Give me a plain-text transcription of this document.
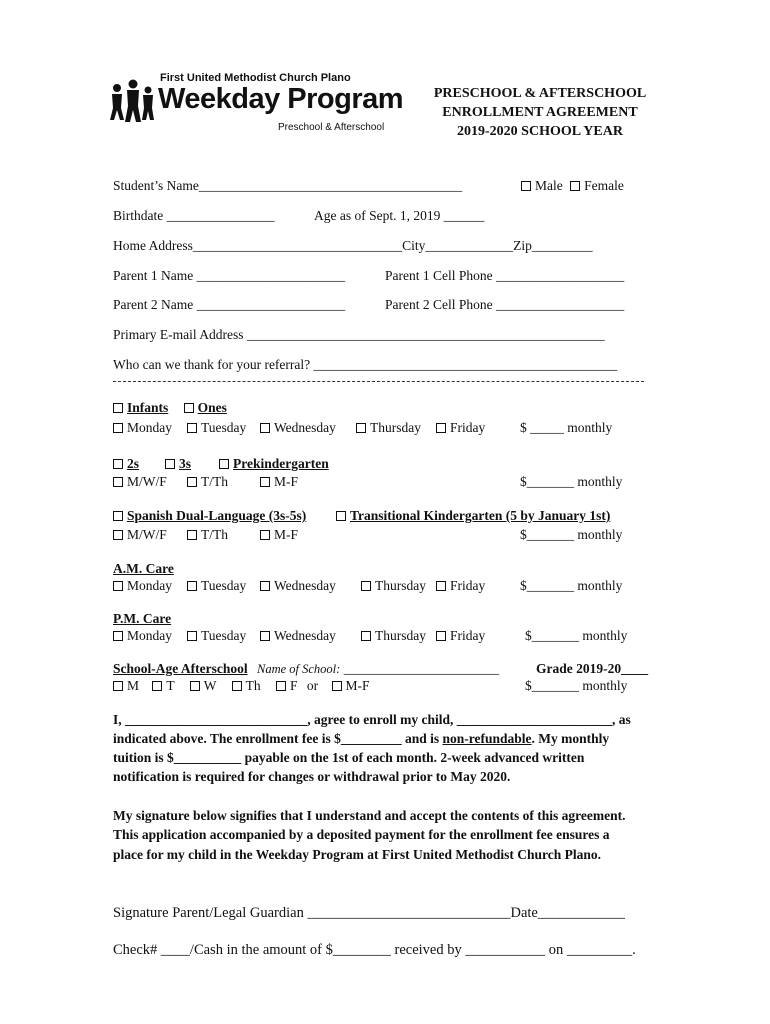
First United Methodist Church Plano
Weekday Program
Preschool & Afterschool
PRESCHOOL & AFTERSCHOOL
ENROLLMENT AGREEMENT
2019-2020 SCHOOL YEAR
Student’s Name_______________________________________	Male Female
Birthdate ________________	Age as of Sept. 1, 2019 ______
Home Address_______________________________City_____________Zip_________
Parent 1 Name ______________________	Parent 1 Cell Phone ___________________
Parent 2 Name ______________________	Parent 2 Cell Phone ___________________
Primary E-mail Address _____________________________________________________
Who can we thank for your referral? _____________________________________________
Infants Ones
Monday	Tuesday	Wednesday	Thursday	Friday	$ _____ monthly
2s	3s	Prekindergarten
M/W/F	T/Th	M-F	$_______ monthly
Spanish Dual-Language (3s-5s)	Transitional Kindergarten (5 by January 1st)
M/W/F	T/Th	M-F	$_______ monthly
A.M. Care
Monday	Tuesday	Wednesday	Thursday	Friday	$_______ monthly
P.M. Care
Monday	Tuesday	Wednesday	Thursday	Friday	$_______ monthly
School-Age Afterschool Name of School: _______________________	Grade 2019-20____
M T W Th F or M-F	$_______ monthly
I, ___________________________, agree to enroll my child, _______________________, as
indicated above. The enrollment fee is $_________ and is non-refundable. My monthly
tuition is $__________ payable on the 1st of each month. 2-week advanced written
notification is required for changes or withdrawal prior to May 2020.
My signature below signifies that I understand and accept the contents of this agreement.
This application accompanied by a deposited payment for the enrollment fee ensures a
place for my child in the Weekday Program at First United Methodist Church Plano.
Signature Parent/Legal Guardian ____________________________Date____________
Check# ____/Cash in the amount of $________ received by ___________ on _________.
